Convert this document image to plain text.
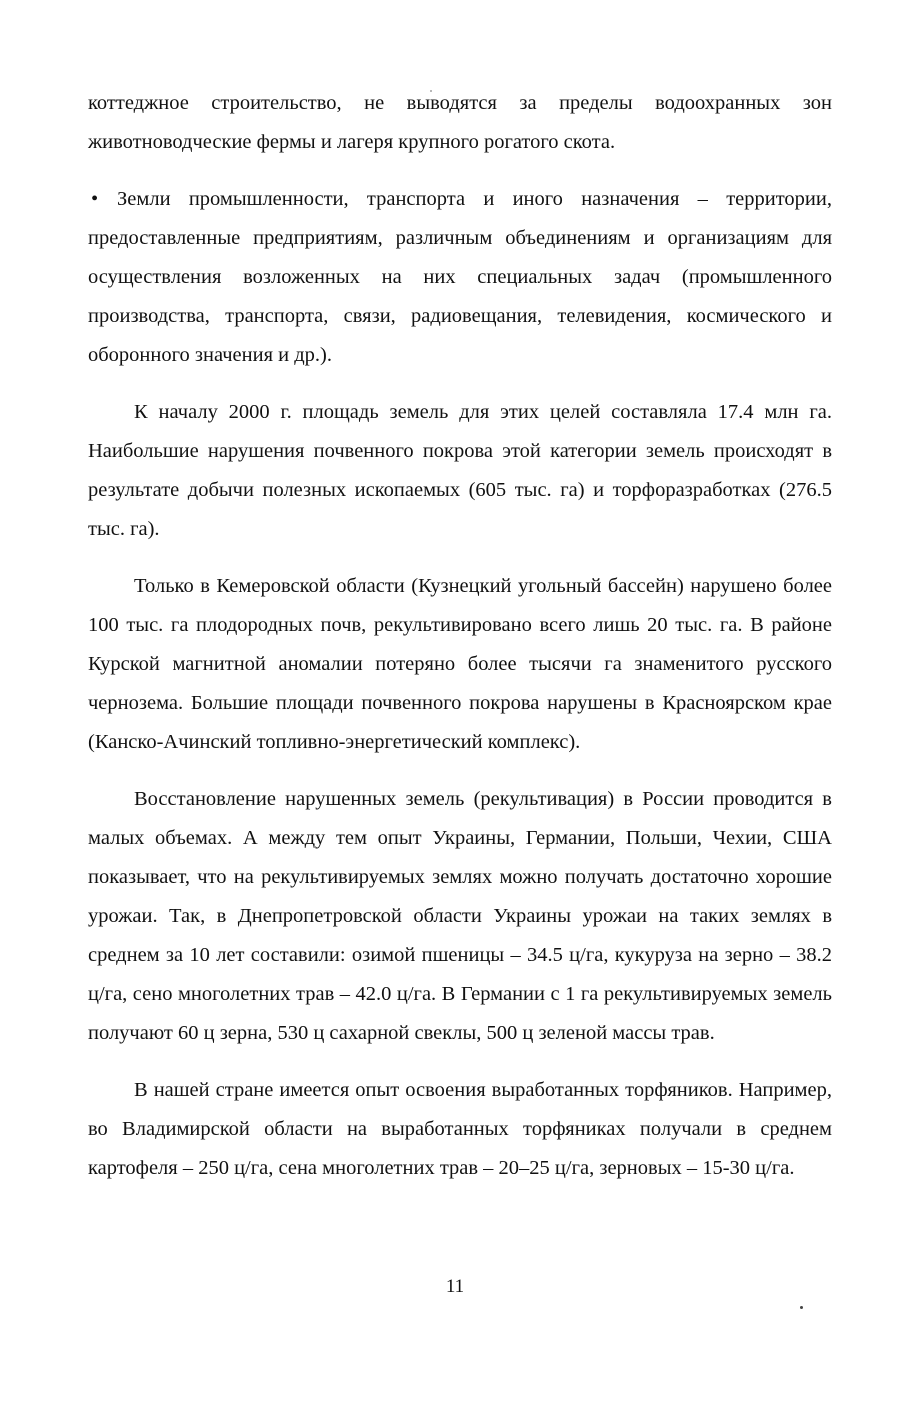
коттеджное строительство, не выводятся за пределы водоохранных зон животноводческие фермы и лагеря крупного рогатого скота.

• Земли промышленности, транспорта и иного назначения – территории, предоставленные предприятиям, различным объединениям и организациям для осуществления возложенных на них специальных задач (промышленного производства, транспорта, связи, радиовещания, телевидения, космического и оборонного значения и др.).

К началу 2000 г. площадь земель для этих целей составляла 17.4 млн га. Наибольшие нарушения почвенного покрова этой категории земель происходят в результате добычи полезных ископаемых (605 тыс. га) и торфоразработках (276.5 тыс. га).

Только в Кемеровской области (Кузнецкий угольный бассейн) нарушено более 100 тыс. га плодородных почв, рекультивировано всего лишь 20 тыс. га. В районе Курской магнитной аномалии потеряно более тысячи га знаменитого русского чернозема. Большие площади почвенного покрова нарушены в Красноярском крае (Канско-Ачинский топливно-энергетический комплекс).

Восстановление нарушенных земель (рекультивация) в России проводится в малых объемах. А между тем опыт Украины, Германии, Польши, Чехии, США показывает, что на рекультивируемых землях можно получать достаточно хорошие урожаи. Так, в Днепропетровской области Украины урожаи на таких землях в среднем за 10 лет составили: озимой пшеницы – 34.5 ц/га, кукуруза на зерно – 38.2 ц/га, сено многолетних трав – 42.0 ц/га. В Германии с 1 га рекультивируемых земель получают 60 ц зерна, 530 ц сахарной свеклы, 500 ц зеленой массы трав.

В нашей стране имеется опыт освоения выработанных торфяников. Например, во Владимирской области на выработанных торфяниках получали в среднем картофеля – 250 ц/га, сена многолетних трав – 20–25 ц/га, зерновых – 15-30 ц/га.

11
